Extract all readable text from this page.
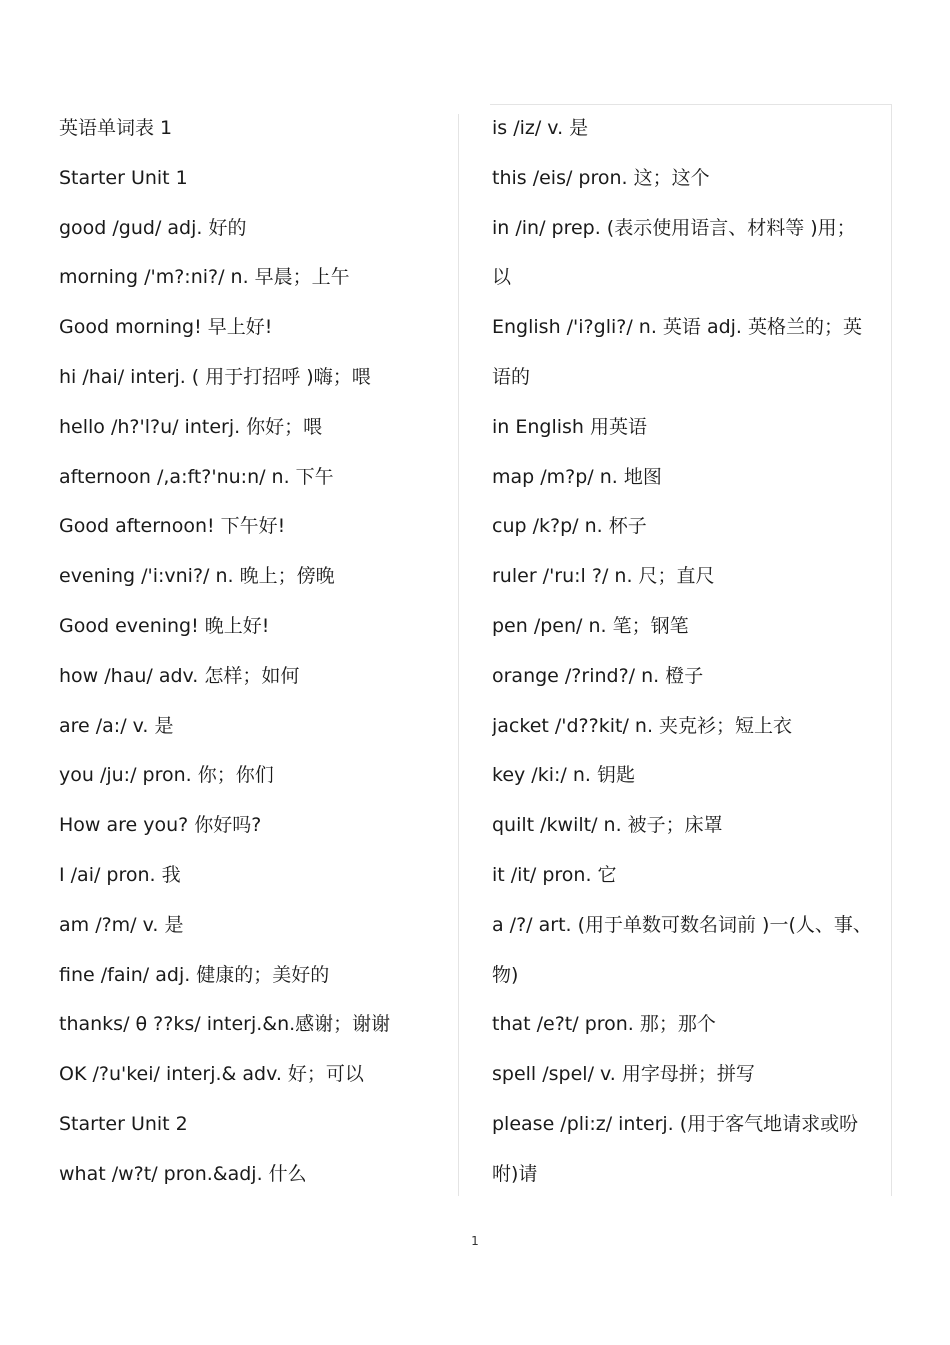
英语单词表 1
Starter Unit 1
good /gud/ adj. 好的
morning /'m?:ni?/ n. 早晨；上午
Good morning! 早上好!
hi /hai/ interj. ( 用于打招呼 )嗨；喂
hello /h?'l?u/ interj. 你好；喂
afternoon /,a:ft?'nu:n/ n. 下午
Good afternoon! 下午好!
evening /'i:vni?/ n. 晚上；傍晚
Good evening! 晚上好!
how /hau/ adv. 怎样；如何
are /a:/ v. 是
you /ju:/ pron. 你；你们
How are you? 你好吗?
I /ai/ pron. 我
am /?m/ v. 是
fine /fain/ adj. 健康的；美好的
thanks/ θ ??ks/ interj.&n.感谢；谢谢
OK /?u'kei/ interj.& adv. 好；可以
Starter Unit 2
what /w?t/ pron.&adj. 什么
is /iz/ v. 是
this /eis/ pron. 这；这个
in /in/ prep. (表示使用语言、材料等 )用；
以
English /'i?gli?/ n. 英语 adj. 英格兰的；英
语的
in English 用英语
map /m?p/ n. 地图
cup /k?p/ n. 杯子
ruler /'ru:l ?/ n. 尺；直尺
pen /pen/ n. 笔；钢笔
orange /?rind?/ n. 橙子
jacket /'d??kit/ n. 夹克衫；短上衣
key /ki:/ n. 钥匙
quilt /kwilt/ n. 被子；床罩
it /it/ pron. 它
a /?/ art. (用于单数可数名词前 )一(人、事、
物)
that /e?t/ pron. 那；那个
spell /spel/ v. 用字母拼；拼写
please /pli:z/ interj. (用于客气地请求或吩
咐)请
1
